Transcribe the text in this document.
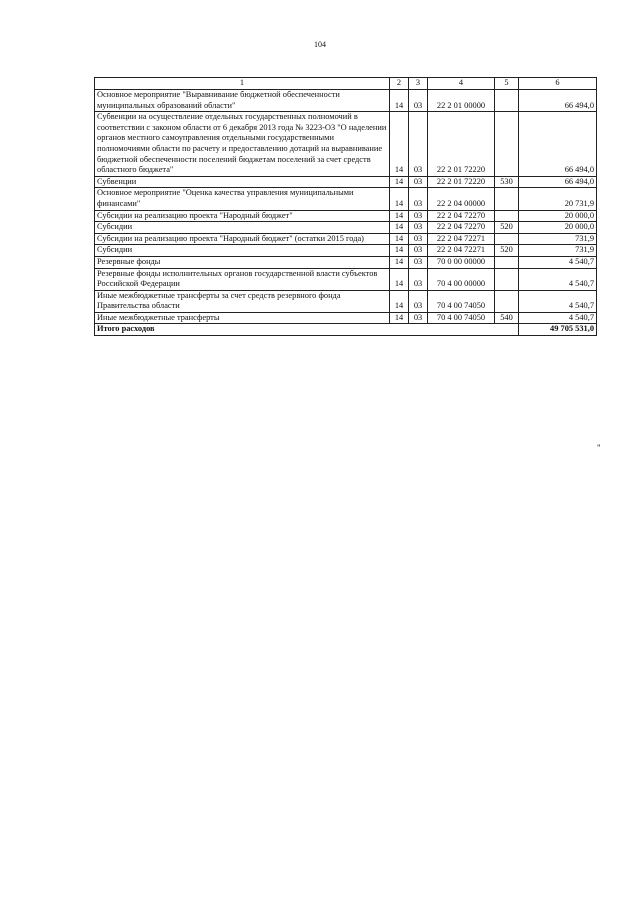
104
1	2	3	4	5	6
Основное мероприятие "Выравнивание бюджетной обеспеченности муниципальных образований области"	14	03	22 2 01 00000		66 494,0
Субвенции на осуществление отдельных государственных полномочий в соответствии с законом области от 6 декабря 2013 года № 3223-ОЗ "О наделении органов местного самоуправления отдельными государственными полномочиями области по расчету и предоставлению дотаций на выравнивание бюджетной обеспеченности поселений бюджетам поселений за счет средств областного бюджета"	14	03	22 2 01 72220		66 494,0
Субвенции	14	03	22 2 01 72220	530	66 494,0
Основное мероприятие "Оценка качества управления муниципальными финансами"	14	03	22 2 04 00000		20 731,9
Субсидии на реализацию проекта "Народный бюджет"	14	03	22 2 04 72270		20 000,0
Субсидии	14	03	22 2 04 72270	520	20 000,0
Субсидии на реализацию проекта "Народный бюджет" (остатки 2015 года)	14	03	22 2 04 72271		731,9
Субсидии	14	03	22 2 04 72271	520	731,9
Резервные фонды	14	03	70 0 00 00000		4 540,7
Резервные фонды исполнительных органов государственной власти субъектов Российской Федерации	14	03	70 4 00 00000		4 540,7
Иные межбюджетные трансферты за счет средств резервного фонда Правительства области	14	03	70 4 00 74050		4 540,7
Иные межбюджетные трансферты	14	03	70 4 00 74050	540	4 540,7
Итого расходов					49 705 531,0
"
